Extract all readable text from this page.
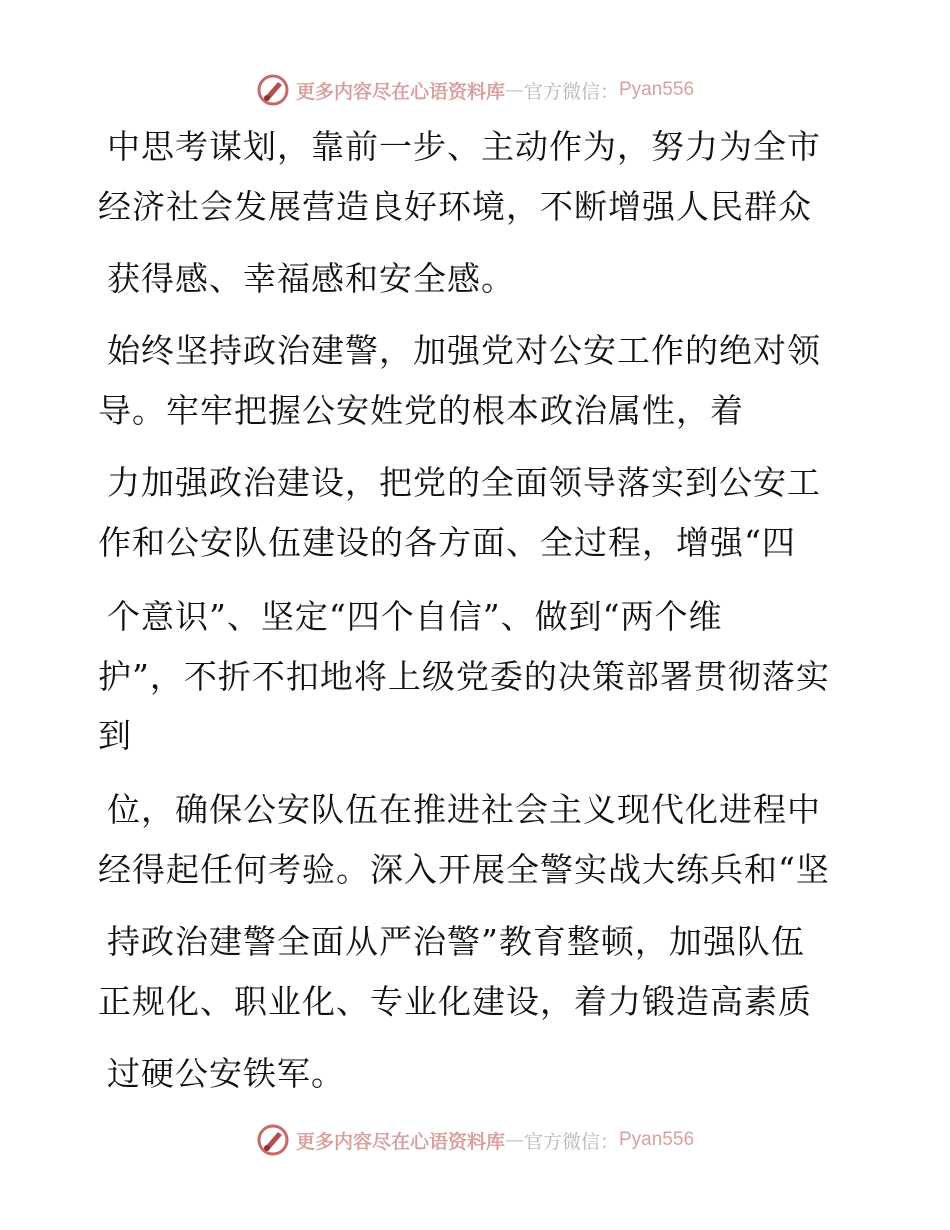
更多内容尽在心语资料库 — 官方微信： Pyan556
中思考谋划，靠前一步、主动作为，努力为全市
经济社会发展营造良好环境，不断增强人民群众
获得感、幸福感和安全感。
始终坚持政治建警，加强党对公安工作的绝对领
导。牢牢把握公安姓党的根本政治属性，着
力加强政治建设，把党的全面领导落实到公安工
作和公安队伍建设的各方面、全过程，增强“四
个意识”、坚定“四个自信”、做到“两个维
护”，不折不扣地将上级党委的决策部署贯彻落实
到
位，确保公安队伍在推进社会主义现代化进程中
经得起任何考验。深入开展全警实战大练兵和“坚
持政治建警全面从严治警”教育整顿，加强队伍
正规化、职业化、专业化建设，着力锻造高素质
过硬公安铁军。
更多内容尽在心语资料库 — 官方微信： Pyan556
